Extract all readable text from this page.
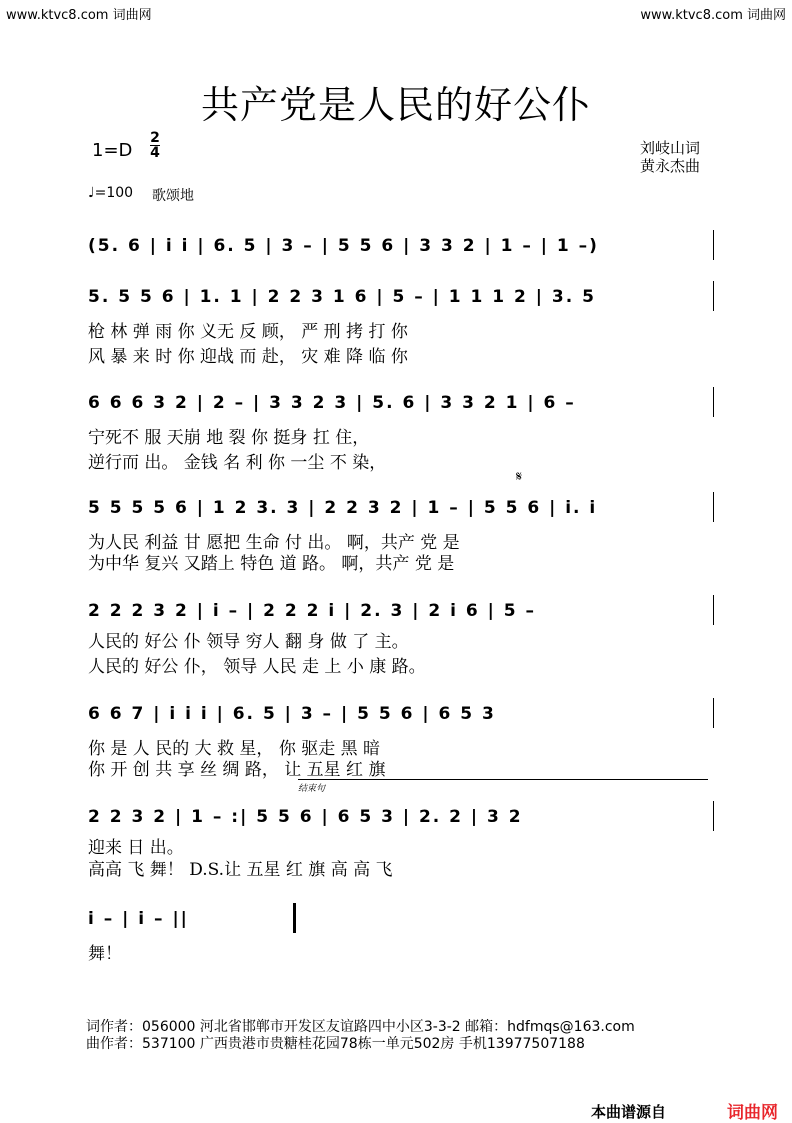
www.ktvc8.com 词曲网	www.ktvc8.com 词曲网
共产党是人民的好公仆
1=D
2
4
♩=100 歌颂地
刘岐山词
黄永杰曲
(5. 6 | i i | 6. 5 | 3 – | 5 5 6 | 3 3 2 | 1 – | 1 –)
5. 5 5 6 | 1. 1 | 2 2 3 1 6 | 5 – | 1 1 1 2 | 3. 5
枪 林 弹 雨 你 义无 反 顾， 严 刑 拷 打 你
风 暴 来 时 你 迎战 而 赴， 灾 难 降 临 你
6 6 6 3 2 | 2 – | 3 3 2 3 | 5. 6 | 3 3 2 1 | 6 –
宁死不 服 天崩 地 裂 你 挺身 扛 住，
逆行而 出。 金钱 名 利 你 一尘 不 染，
𝄋
5 5 5 5 6 | 1 2 3. 3 | 2 2 3 2 | 1 – | 5 5 6 | i. i
为人民 利益 甘 愿把 生命 付 出。 啊，共产 党 是
为中华 复兴 又踏上 特色 道 路。 啊，共产 党 是
2 2 2 3 2 | i – | 2 2 2 i | 2. 3 | 2 i 6 | 5 –
人民的 好公 仆 领导 穷人 翻 身 做 了 主。
人民的 好公 仆， 领导 人民 走 上 小 康 路。
6 6 7 | i i i | 6. 5 | 3 – | 5 5 6 | 6 5 3
你 是 人 民的 大 救 星， 你 驱走 黑 暗
你 开 创 共 享 丝 绸 路， 让 五星 红 旗
结束句
2 2 3 2 | 1 – :| 5 5 6 | 6 5 3 | 2. 2 | 3 2
迎来 日 出。
高高 飞 舞！ D.S.让 五星 红 旗 高 高 飞
i – | i – ||
舞！
词作者：056000 河北省邯郸市开发区友谊路四中小区3-3-2 邮箱：hdfmqs@163.com
曲作者：537100 广西贵港市贵糖桂花园78栋一单元502房 手机13977507188
本曲谱源自	词曲网
